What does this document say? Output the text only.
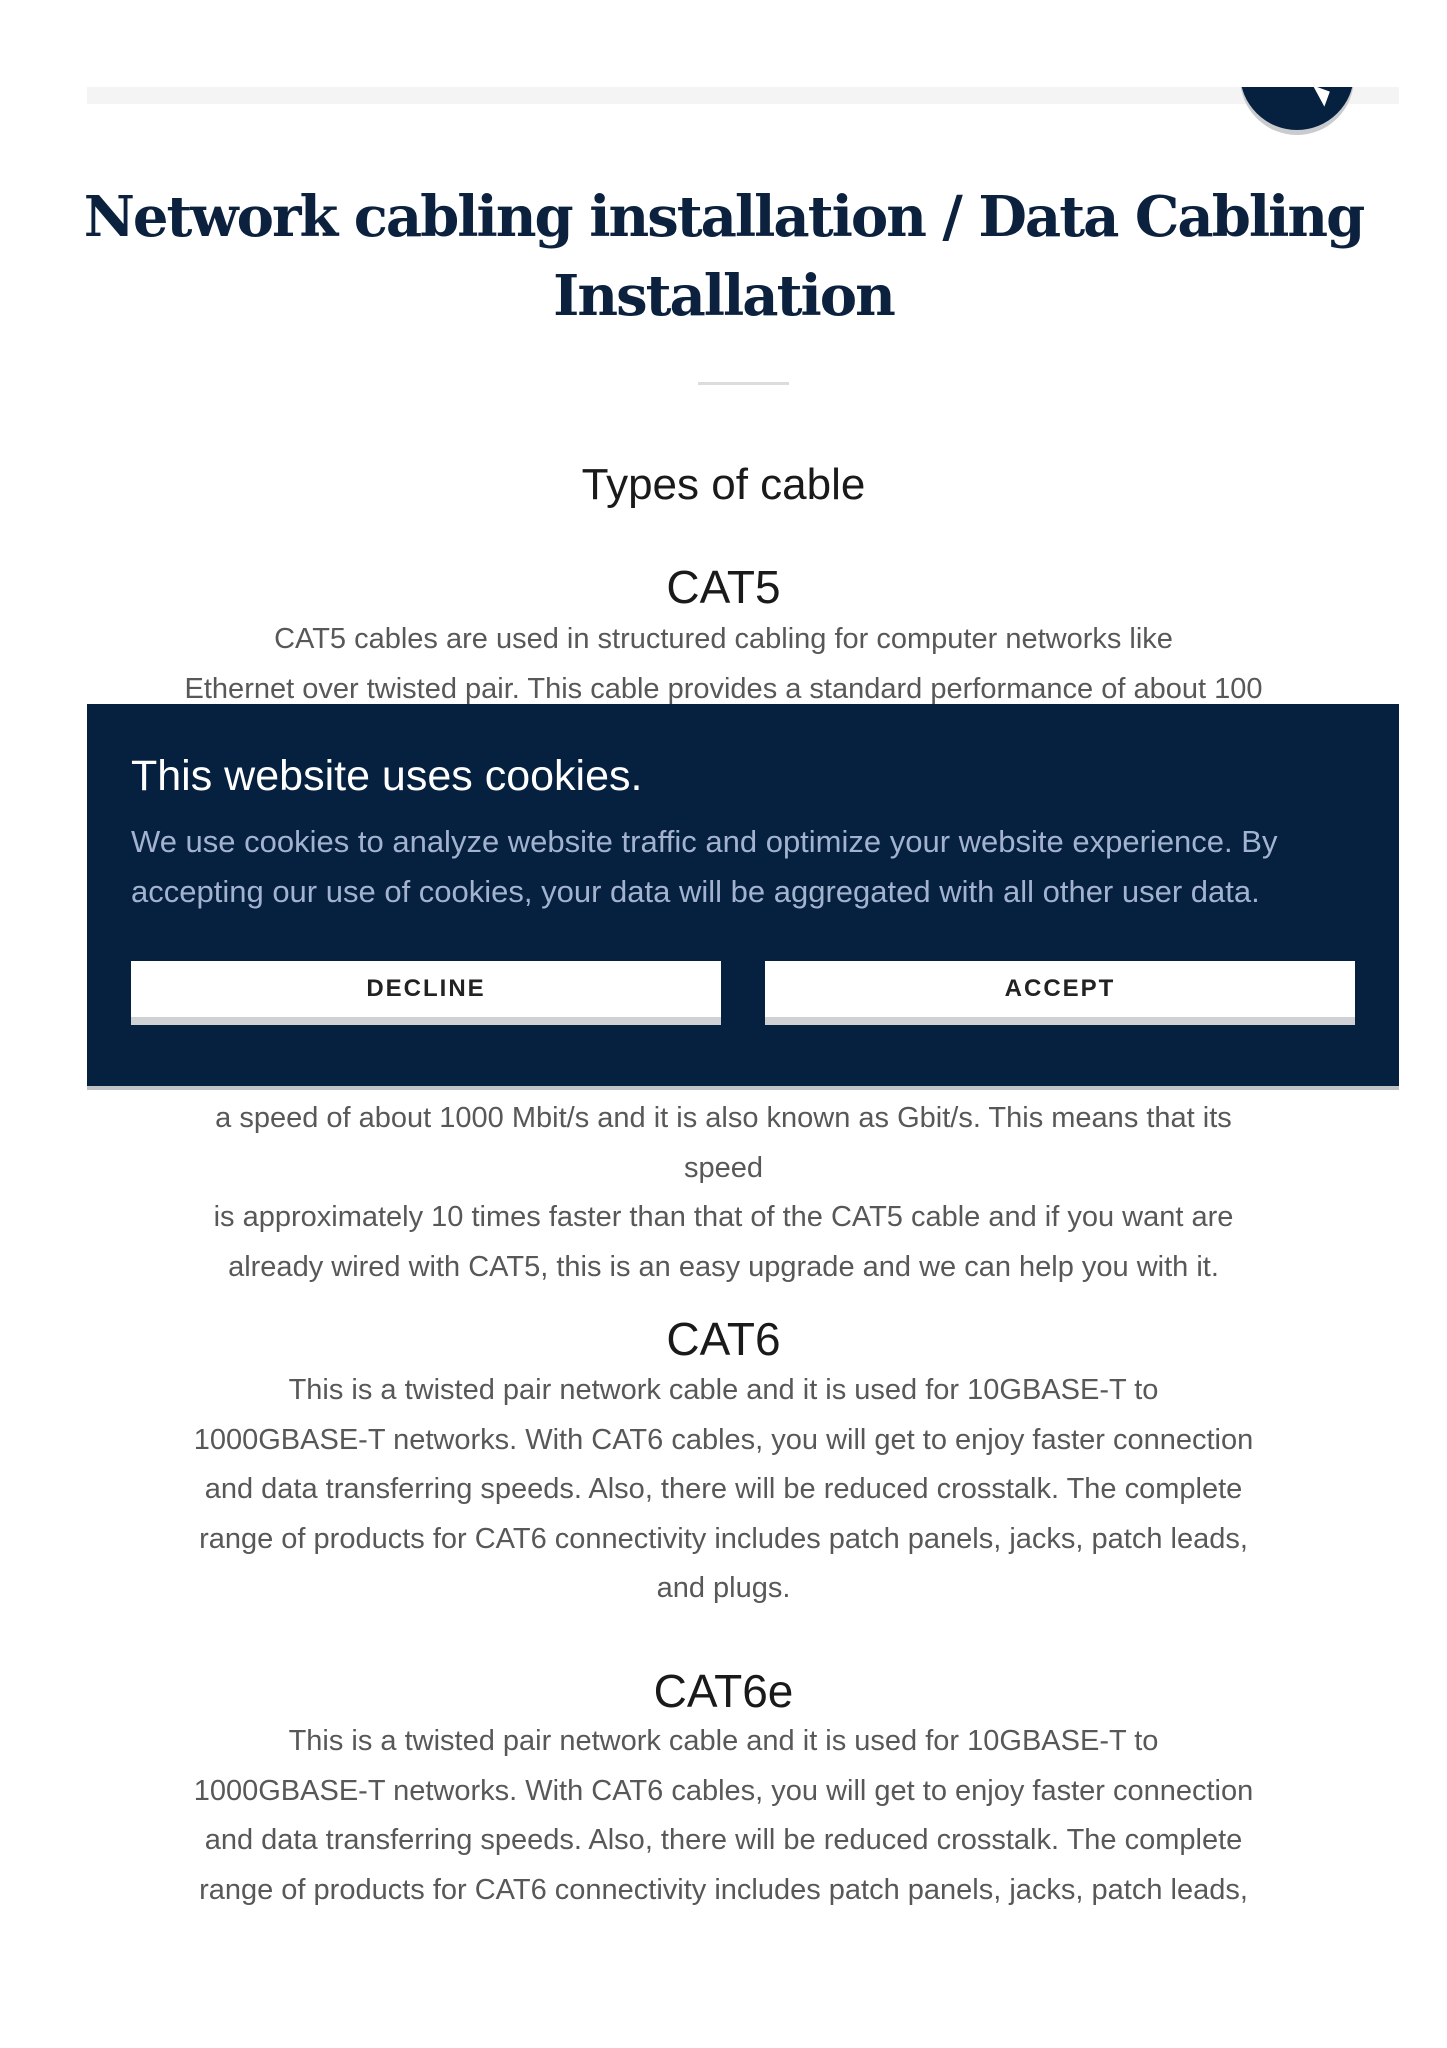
Network cabling installation / Data Cabling Installation
Types of cable
CAT5

CAT5 cables are used in structured cabling for computer networks like
Ethernet over twisted pair. This cable provides a standard performance of about 100

a speed of about 1000 Mbit/s and it is also known as Gbit/s. This means that its
speed
is approximately 10 times faster than that of the CAT5 cable and if you want are
already wired with CAT5, this is an easy upgrade and we can help you with it.

CAT6

This is a twisted pair network cable and it is used for 10GBASE-T to
1000GBASE-T networks. With CAT6 cables, you will get to enjoy faster connection
and data transferring speeds. Also, there will be reduced crosstalk. The complete
range of products for CAT6 connectivity includes patch panels, jacks, patch leads,
and plugs.

CAT6e

This is a twisted pair network cable and it is used for 10GBASE-T to
1000GBASE-T networks. With CAT6 cables, you will get to enjoy faster connection
and data transferring speeds. Also, there will be reduced crosstalk. The complete
range of products for CAT6 connectivity includes patch panels, jacks, patch leads,

This website uses cookies.

We use cookies to analyze website traffic and optimize your website experience. By accepting our use of cookies, your data will be aggregated with all other user data.

DECLINE	ACCEPT
